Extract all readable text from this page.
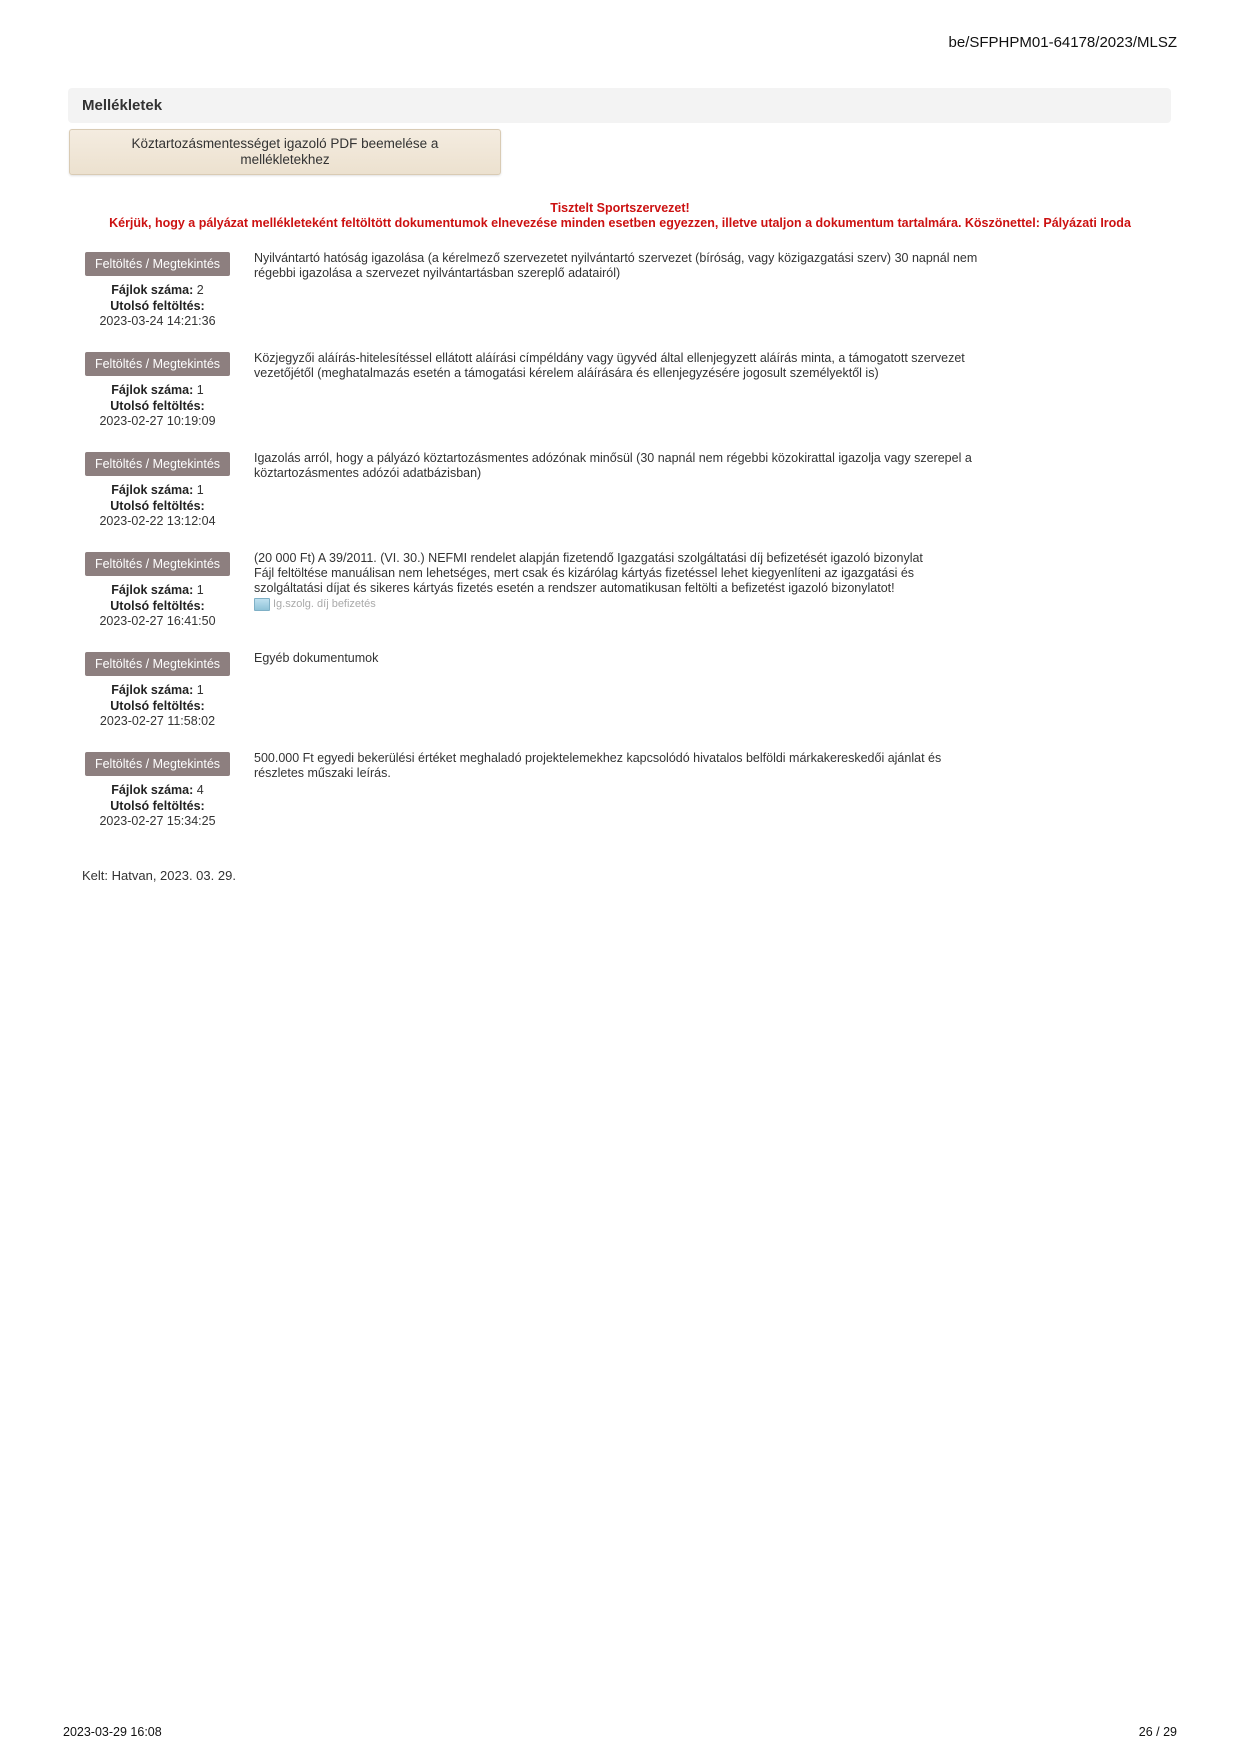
be/SFPHPM01-64178/2023/MLSZ
Mellékletek
Köztartozásmentességet igazoló PDF beemelése a mellékletekhez
Tisztelt Sportszervezet!
Kérjük, hogy a pályázat mellékleteként feltöltött dokumentumok elnevezése minden esetben egyezzen, illetve utaljon a dokumentum tartalmára. Köszönettel: Pályázati Iroda
Feltöltés / Megtekintés
Fájlok száma: 2
Utolsó feltöltés:
2023-03-24 14:21:36
Nyilvántartó hatóság igazolása (a kérelmező szervezetet nyilvántartó szervezet (bíróság, vagy közigazgatási szerv) 30 napnál nem
régebbi igazolása a szervezet nyilvántartásban szereplő adatairól)
Feltöltés / Megtekintés
Fájlok száma: 1
Utolsó feltöltés:
2023-02-27 10:19:09
Közjegyzői aláírás-hitelesítéssel ellátott aláírási címpéldány vagy ügyvéd által ellenjegyzett aláírás minta, a támogatott szervezet
vezetőjétől (meghatalmazás esetén a támogatási kérelem aláírására és ellenjegyzésére jogosult személyektől is)
Feltöltés / Megtekintés
Fájlok száma: 1
Utolsó feltöltés:
2023-02-22 13:12:04
Igazolás arról, hogy a pályázó köztartozásmentes adózónak minősül (30 napnál nem régebbi közokirattal igazolja vagy szerepel a
köztartozásmentes adózói adatbázisban)
Feltöltés / Megtekintés
Fájlok száma: 1
Utolsó feltöltés:
2023-02-27 16:41:50
(20 000 Ft) A 39/2011. (VI. 30.) NEFMI rendelet alapján fizetendő Igazgatási szolgáltatási díj befizetését igazoló bizonylat
Fájl feltöltése manuálisan nem lehetséges, mert csak és kizárólag kártyás fizetéssel lehet kiegyenlíteni az igazgatási és
szolgáltatási díjat és sikeres kártyás fizetés esetén a rendszer automatikusan feltölti a befizetést igazoló bizonylatot!
Ig.szolg. díj befizetés
Feltöltés / Megtekintés
Fájlok száma: 1
Utolsó feltöltés:
2023-02-27 11:58:02
Egyéb dokumentumok
Feltöltés / Megtekintés
Fájlok száma: 4
Utolsó feltöltés:
2023-02-27 15:34:25
500.000 Ft egyedi bekerülési értéket meghaladó projektelemekhez kapcsolódó hivatalos belföldi márkakereskedői ajánlat és
részletes műszaki leírás.
Kelt: Hatvan, 2023. 03. 29.
2023-03-29 16:08	26 / 29
